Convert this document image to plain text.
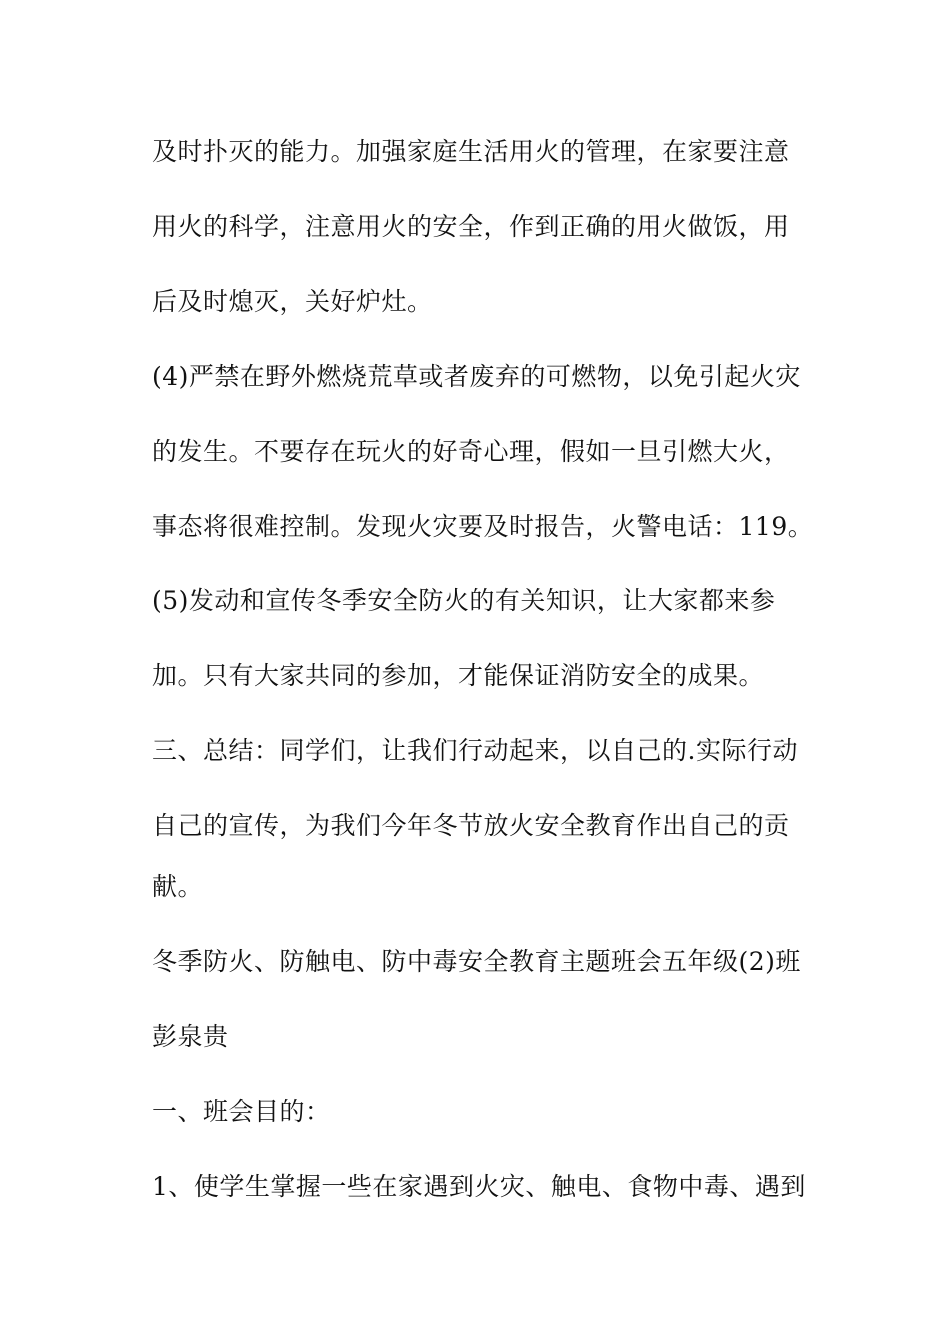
及时扑灭的能力。加强家庭生活用火的管理，在家要注意
用火的科学，注意用火的安全，作到正确的用火做饭，用
后及时熄灭，关好炉灶。
(4)严禁在野外燃烧荒草或者废弃的可燃物，以免引起火灾
的发生。不要存在玩火的好奇心理，假如一旦引燃大火，
事态将很难控制。发现火灾要及时报告，火警电话：119。
(5)发动和宣传冬季安全防火的有关知识，让大家都来参
加。只有大家共同的参加，才能保证消防安全的成果。
三、总结：同学们，让我们行动起来，以自己的.实际行动
自己的宣传，为我们今年冬节放火安全教育作出自己的贡
献。
冬季防火、防触电、防中毒安全教育主题班会五年级(2)班
彭泉贵
一、班会目的：
1、使学生掌握一些在家遇到火灾、触电、食物中毒、遇到
